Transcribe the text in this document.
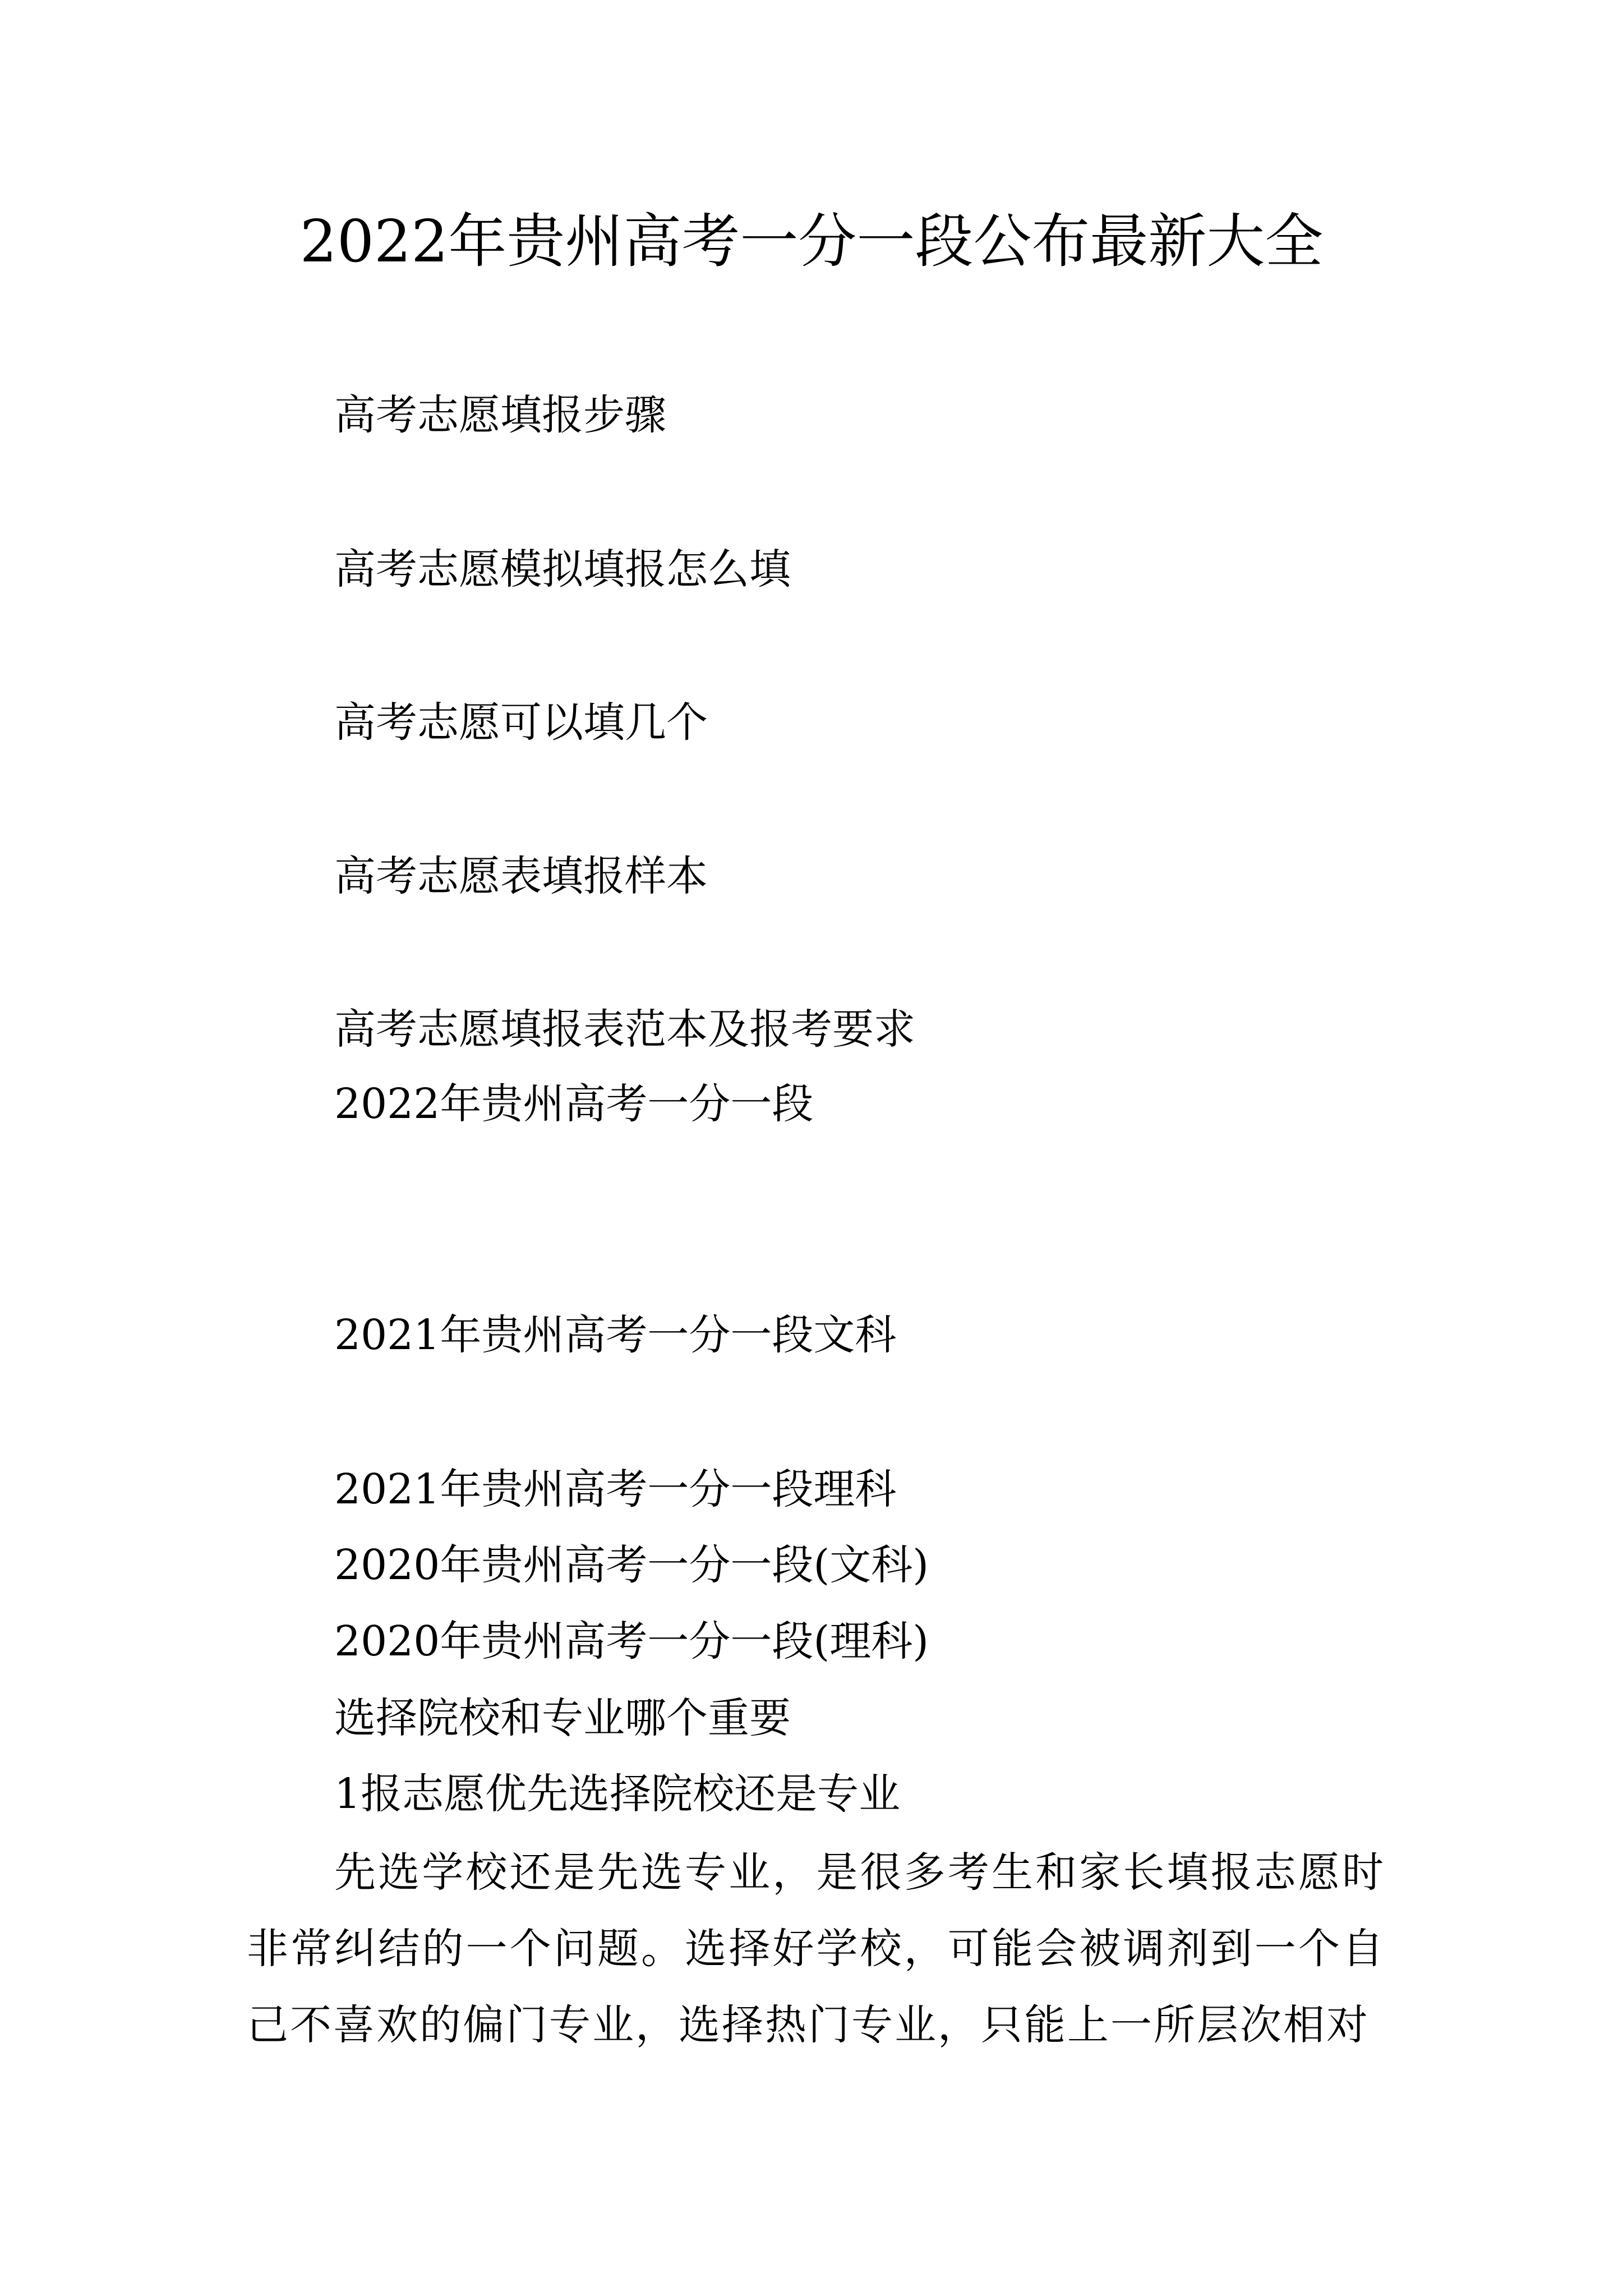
2022年贵州高考一分一段公布最新大全
高考志愿填报步骤
高考志愿模拟填报怎么填
高考志愿可以填几个
高考志愿表填报样本
高考志愿填报表范本及报考要求
2022年贵州高考一分一段
2021年贵州高考一分一段文科
2021年贵州高考一分一段理科
2020年贵州高考一分一段(文科)
2020年贵州高考一分一段(理科)
选择院校和专业哪个重要
1报志愿优先选择院校还是专业
先选学校还是先选专业，是很多考生和家长填报志愿时非常纠结的一个问题。选择好学校，可能会被调剂到一个自己不喜欢的偏门专业，选择热门专业，只能上一所层次相对
